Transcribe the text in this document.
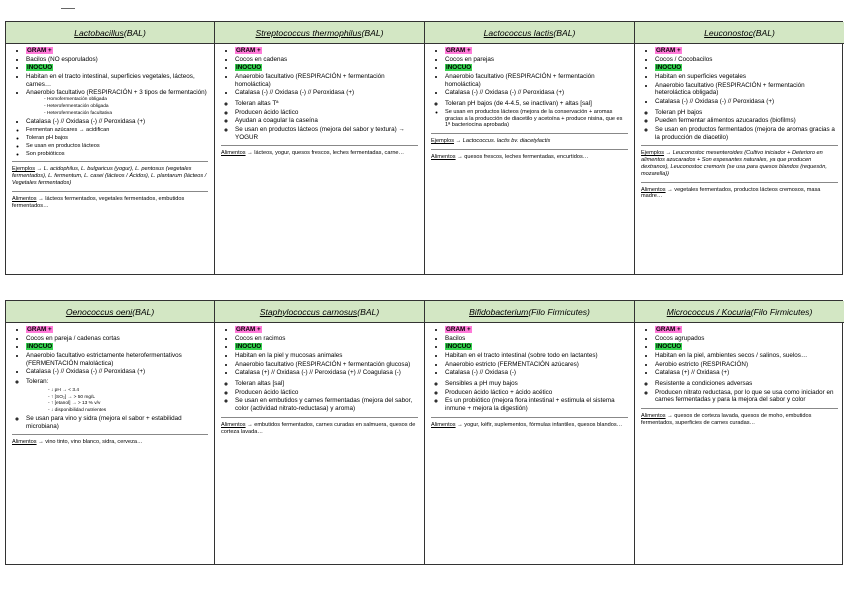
Lactobacillus (BAL)
• GRAM +
• Bacilos (NO esporulados)
• INOCUO
• Habitan en el tracto intestinal, superficies vegetales, lácteos, carnes…
• Anaerobio facultativo (RESPIRACIÓN + 3 tipos de fermentación)
- Homofermentación obligada
- Heterofermentación obligada
- Heterofermentación facultativa
• Catalasa (-) // Oxidasa (-) // Peroxidasa (+)
◦ Fermentan azúcares → acidifican
◦ Toleran pH bajos
◦ Se usan en productos lácteos
◦ Son probióticos
Ejemplos → L. acidophilus, L. bulgaricus (yogur), L. pentosus (vegetales fermentados), L. fermentum, L. casei (lácteos / Ácidos), L. plantarum (lácteos / Vegetales fermentados)
Alimentos → lácteos fermentados, vegetales fermentados, embutidos fermentados…
Streptococcus thermophilus (BAL)
• GRAM +
• Cocos en cadenas
• INOCUO
• Anaerobio facultativo (RESPIRACIÓN + fermentación homoláctica)
• Catalasa (-) // Oxidasa (-) // Peroxidasa (+)
◦ Toleran altas Tª
◦ Producen ácido láctico
◦ Ayudan a coagular la caseína
◦ Se usan en productos lácteos (mejora del sabor y textura) → YOGUR
Alimentos → lácteos, yogur, quesos frescos, leches fermentadas, carne…
Lactococcus lactis (BAL)
• GRAM +
• Cocos en parejas
• INOCUO
• Anaerobio facultativo (RESPIRACIÓN + fermentación homoláctica)
• Catalasa (-) // Oxidasa (-) // Peroxidasa (+)
◦ Toleran pH bajos (de 4-4.5, se inactivan) + altas [sal]
◦ Se usan en productos lácteos (mejora de la conservación + aromas gracias a la producción de diacetilo y acetoína + produce nisina, que es 1ª bacteriocina aprobada)
Ejemplos → Lactococcus. lactis bv. diacetylactis
Alimentos → quesos frescos, leches fermentadas, encurtidos…
Leuconostoc (BAL)
• GRAM +
• Cocos / Cocobacilos
• INOCUO
• Habitan en superficies vegetales
• Anaerobio facultativo (RESPIRACIÓN + fermentación heteroláctica obligada)
• Catalasa (-) // Oxidasa (-) // Peroxidasa (+)
◦ Toleran pH bajos
◦ Pueden fermentar alimentos azucarados (biofilms)
◦ Se usan en productos fermentados (mejora de aromas gracias a la producción de diacetilo)
Ejemplos → Leuconostoc mesenteroides (Cultivo iniciador + Deterioro en alimentos azucarados + Son espesantes naturales, ya que producen dextranos), Leuconostoc cremoris (se usa para quesos blandos (requesón, mozarella))
Alimentos → vegetales fermentados, productos lácteos cremosos, masa madre…
Oenococcus oeni (BAL)
• GRAM +
• Cocos en pareja / cadenas cortas
• INOCUO
• Anaerobio facultativo estrictamente heterofermentativos (FERMENTACIÓN maloláctica)
• Catalasa (-) // Oxidasa (-) // Peroxidasa (+)
◦ Toleran:
- ↓ pH → < 3.4
- ↑ [SO₂] → > 50 mg/L
- ↑ [etanol] → > 13 % v/v
- ↓ disponibilidad nutrientes
◦ Se usan para vino y sidra (mejora el sabor + estabilidad microbiana)
Alimentos → vino tinto, vino blanco, sidra, cerveza…
Staphylococcus carnosus (BAL)
• GRAM +
• Cocos en racimos
• INOCUO
• Habitan en la piel y mucosas animales
• Anaerobio facultativo (RESPIRACIÓN + fermentación glucosa)
• Catalasa (+) // Oxidasa (-) // Peroxidasa (+) // Coagulasa (-)
◦ Toleran altas [sal]
◦ Producen ácido láctico
◦ Se usan en embutidos y carnes fermentadas (mejora del sabor, color (actividad nitrato-reductasa) y aroma)
Alimentos → embutidos fermentados, carnes curadas en salmuera, quesos de corteza lavada…
Bifidobacterium (Filo Firmicutes)
• GRAM +
• Bacilos
• INOCUO
• Habitan en el tracto intestinal (sobre todo en lactantes)
• Anaerobio estricto (FERMENTACIÓN azúcares)
• Catalasa (-) // Oxidasa (-)
◦ Sensibles a pH muy bajos
◦ Producen ácido láctico + ácido acético
◦ Es un probiótico (mejora flora intestinal + estimula el sistema inmune + mejora la digestión)
Alimentos → yogur, kéfir, suplementos, fórmulas infantiles, quesos blandos…
Micrococcus / Kocuria (Filo Firmicutes)
• GRAM +
• Cocos agrupados
• INOCUO
• Habitan en la piel, ambientes secos / salinos, suelos…
• Aerobio estricto (RESPIRACIÓN)
• Catalasa (+) // Oxidasa (+)
◦ Resistente a condiciones adversas
◦ Producen nitrato reductasa, por lo que se usa como iniciador en carnes fermentadas y para la mejora del sabor y color
Alimentos → quesos de corteza lavada, quesos de moho, embutidos fermentados, superficies de carnes curadas…
